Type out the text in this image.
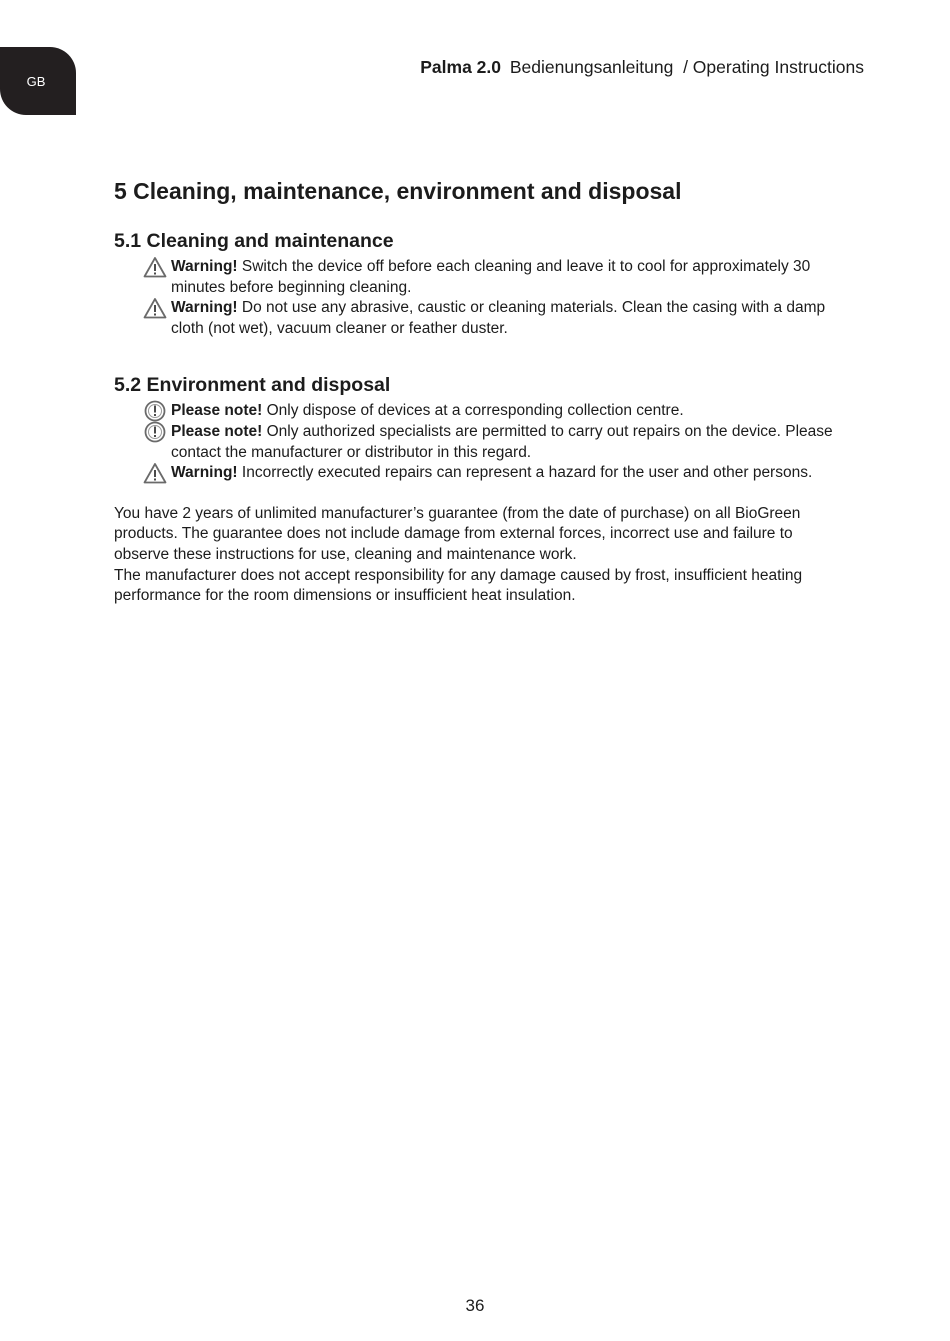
GB
Palma 2.0 Bedienungsanleitung  / Operating Instructions
5 Cleaning, maintenance, environment and disposal
5.1 Cleaning and maintenance
Warning! Switch the device off before each cleaning and leave it to cool for approximately 30 minutes before beginning cleaning.
Warning! Do not use any abrasive, caustic or cleaning materials. Clean the casing with a damp cloth (not wet), vacuum cleaner or feather duster.
5.2 Environment and disposal
Please note! Only dispose of devices at a corresponding collection centre.
Please note! Only authorized specialists are permitted to carry out repairs on the device. Please contact the manufacturer or distributor in this regard.
Warning! Incorrectly executed repairs can represent a hazard for the user and other persons.

You have 2 years of unlimited manufacturer’s guarantee (from the date of purchase) on all BioGreen products. The guarantee does not include damage from external forces, incorrect use and failure to observe these instructions for use, cleaning and maintenance work.

The manufacturer does not accept responsibility for any damage caused by frost, insufficient heating performance for the room dimensions or insufficient heat insulation.

36
